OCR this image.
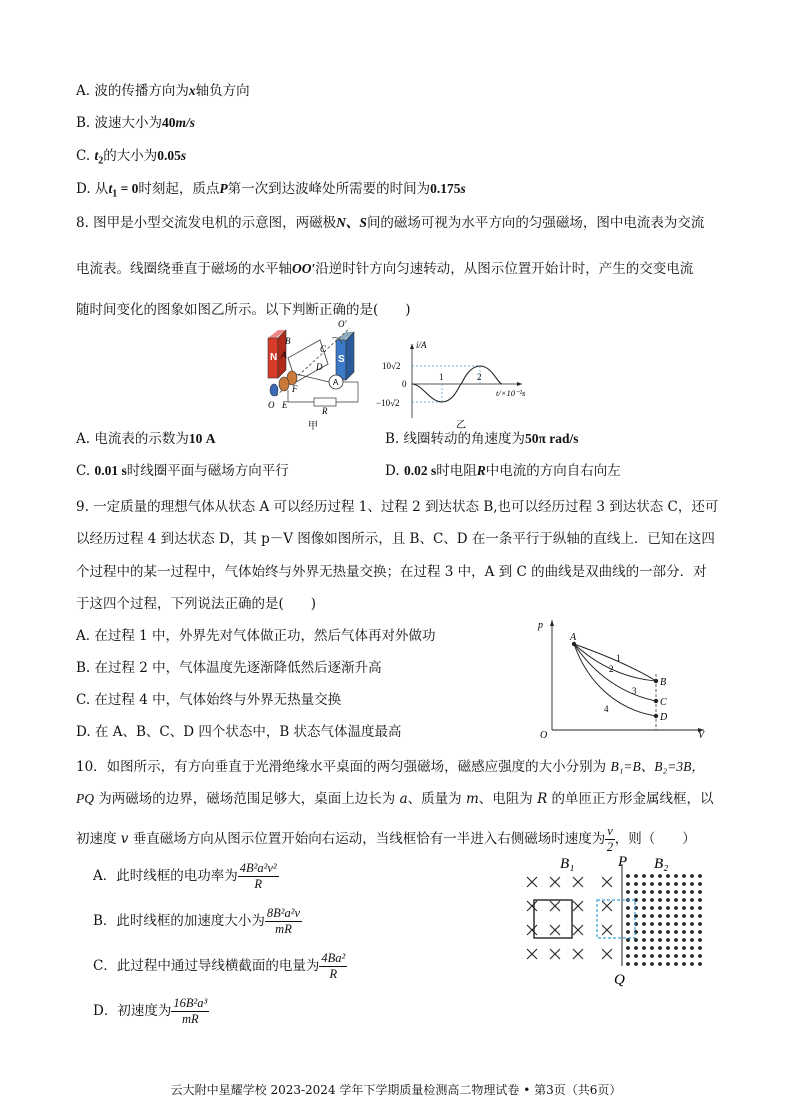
A. 波的传播方向为x轴负方向
B. 波速大小为40m/s
C. $t_2$的大小为0.05s
D. 从$t_1 = 0$时刻起，质点P第一次到达波峰处所需要的时间为0.175s
8. 图甲是小型交流发电机的示意图，两磁极N、S间的磁场可视为水平方向的匀强磁场，图中电流表为交流
电流表。线圈绕垂直于磁场的水平轴OO′沿逆时针方向匀速转动，从图示位置开始计时，产生的交变电流
随时间变化的图象如图乙所示。以下判断正确的是(　　)
N	S
A
B
C
D
O′
O E
F
R
A
甲
i/A
10√2
0
−10√2
1	2
t/×10⁻²s
乙
A. 电流表的示数为10 A	B. 线圈转动的角速度为50π rad/s
C. 0.01 s时线圈平面与磁场方向平行	D. 0.02 s时电阻R中电流的方向自右向左
9. 一定质量的理想气体从状态 A 可以经历过程 1、过程 2 到达状态 B,也可以经历过程 3 到达状态 C，还可
以经历过程 4 到达状态 D，其 p－V 图像如图所示，且 B、C、D 在一条平行于纵轴的直线上．已知在这四
个过程中的某一过程中，气体始终与外界无热量交换；在过程 3 中，A 到 C 的曲线是双曲线的一部分．对
于这四个过程，下列说法正确的是(　　)
A. 在过程 1 中，外界先对气体做正功，然后气体再对外做功
B. 在过程 2 中，气体温度先逐渐降低然后逐渐升高
C. 在过程 4 中，气体始终与外界无热量交换
D. 在 A、B、C、D 四个状态中，B 状态气体温度最高
p
V
O
A
B
C
D
1
2
3
4
10．如图所示，有方向垂直于光滑绝缘水平桌面的两匀强磁场，磁感应强度的大小分别为 B₁=B、B₂=3B，
PQ 为两磁场的边界，磁场范围足够大，桌面上边长为 a、质量为 m、电阻为 R 的单匝正方形金属线框，以
初速度 v 垂直磁场方向从图示位置开始向右运动，当线框恰有一半进入右侧磁场时速度为 $\frac{v}{2}$ ，则（　　）
A．此时线框的电功率为 $\frac{\text{4B²a²v²}}{R}$
B．此时线框的加速度大小为 $\frac{\text{8B²a²v}}{mR}$
C．此过程中通过导线横截面的电量为 $\frac{\text{4Ba²}}{R}$
D．初速度为 $\frac{\text{16B²a³}}{mR}$
B₁	P B₂
Q
云大附中星耀学校 2023-2024 学年下学期质量检测高二物理试卷 • 第3页（共6页）
